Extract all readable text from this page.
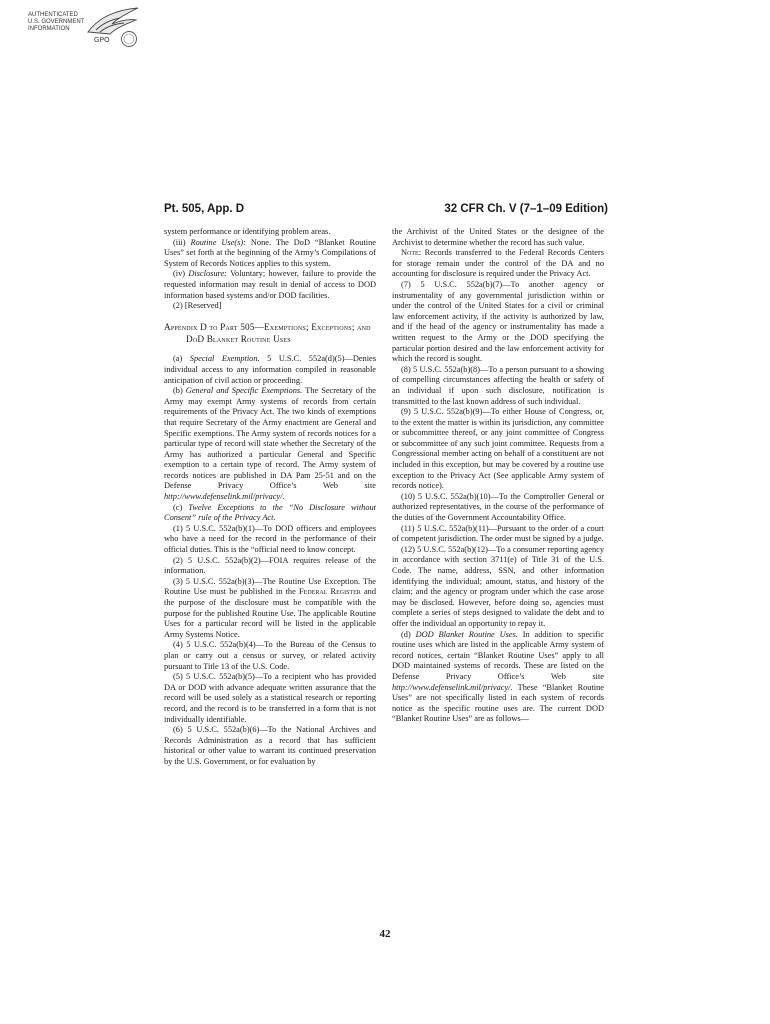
AUTHENTICATED
U.S. GOVERNMENT
INFORMATION
GPO
Pt. 505, App. D	32 CFR Ch. V (7–1–09 Edition)

system performance or identifying problem areas.

(iii) Routine Use(s): None. The DoD “Blanket Routine Uses” set forth at the beginning of the Army’s Compilations of System of Records Notices applies to this system.

(iv) Disclosure: Voluntary; however, failure to provide the requested information may result in denial of access to DOD information based systems and/or DOD facilities.

(2) [Reserved]

Appendix D to Part 505—Exemptions; Exceptions; and DoD Blanket Routine Uses

(a) Special Exemption. 5 U.S.C. 552a(d)(5)—Denies individual access to any information compiled in reasonable anticipation of civil action or proceeding.

(b) General and Specific Exemptions. The Secretary of the Army may exempt Army systems of records from certain requirements of the Privacy Act. The two kinds of exemptions that require Secretary of the Army enactment are General and Specific exemptions. The Army system of records notices for a particular type of record will state whether the Secretary of the Army has authorized a particular General and Specific exemption to a certain type of record. The Army system of records notices are published in DA Pam 25-51 and on the Defense Privacy Office’s Web site http://www.defenselink.mil/privacy/.

(c) Twelve Exceptions to the “No Disclosure without Consent” rule of the Privacy Act.

(1) 5 U.S.C. 552a(b)(1)—To DOD officers and employees who have a need for the record in the performance of their official duties. This is the “official need to know concept.

(2) 5 U.S.C. 552a(b)(2)—FOIA requires release of the information.

(3) 5 U.S.C. 552a(b)(3)—The Routine Use Exception. The Routine Use must be published in the Federal Register and the purpose of the disclosure must be compatible with the purpose for the published Routine Use. The applicable Routine Uses for a particular record will be listed in the applicable Army Systems Notice.

(4) 5 U.S.C. 552a(b)(4)—To the Bureau of the Census to plan or carry out a census or survey, or related activity pursuant to Title 13 of the U.S. Code.

(5) 5 U.S.C. 552a(b)(5)—To a recipient who has provided DA or DOD with advance adequate written assurance that the record will be used solely as a statistical research or reporting record, and the record is to be transferred in a form that is not individually identifiable.

(6) 5 U.S.C. 552a(b)(6)—To the National Archives and Records Administration as a record that has sufficient historical or other value to warrant its continued preservation by the U.S. Government, or for evaluation by

the Archivist of the United States or the designee of the Archivist to determine whether the record has such value.

Note: Records transferred to the Federal Records Centers for storage remain under the control of the DA and no accounting for disclosure is required under the Privacy Act.

(7) 5 U.S.C. 552a(b)(7)—To another agency or instrumentality of any governmental jurisdiction within or under the control of the United States for a civil or criminal law enforcement activity, if the activity is authorized by law, and if the head of the agency or instrumentality has made a written request to the Army or the DOD specifying the particular portion desired and the law enforcement activity for which the record is sought.

(8) 5 U.S.C. 552a(b)(8)—To a person pursuant to a showing of compelling circumstances affecting the health or safety of an individual if upon such disclosure, notification is transmitted to the last known address of such individual.

(9) 5 U.S.C. 552a(b)(9)—To either House of Congress, or, to the extent the matter is within its jurisdiction, any committee or subcommittee thereof, or any joint committee of Congress or subcommittee of any such joint committee. Requests from a Congressional member acting on behalf of a constituent are not included in this exception, but may be covered by a routine use exception to the Privacy Act (See applicable Army system of records notice).

(10) 5 U.S.C. 552a(b)(10)—To the Comptroller General or authorized representatives, in the course of the performance of the duties of the Government Accountability Office.

(11) 5 U.S.C. 552a(b)(11)—Pursuant to the order of a court of competent jurisdiction. The order must be signed by a judge.

(12) 5 U.S.C. 552a(b)(12)—To a consumer reporting agency in accordance with section 3711(e) of Title 31 of the U.S. Code. The name, address, SSN, and other information identifying the individual; amount, status, and history of the claim; and the agency or program under which the case arose may be disclosed. However, before doing so, agencies must complete a series of steps designed to validate the debt and to offer the individual an opportunity to repay it.

(d) DOD Blanket Routine Uses. In addition to specific routine uses which are listed in the applicable Army system of record notices, certain “Blanket Routine Uses” apply to all DOD maintained systems of records. These are listed on the Defense Privacy Office’s Web site http://www.defenselink.mil/privacy/. These “Blanket Routine Uses” are not specifically listed in each system of records notice as the specific routine uses are. The current DOD “Blanket Routine Uses” are as follows—

42
